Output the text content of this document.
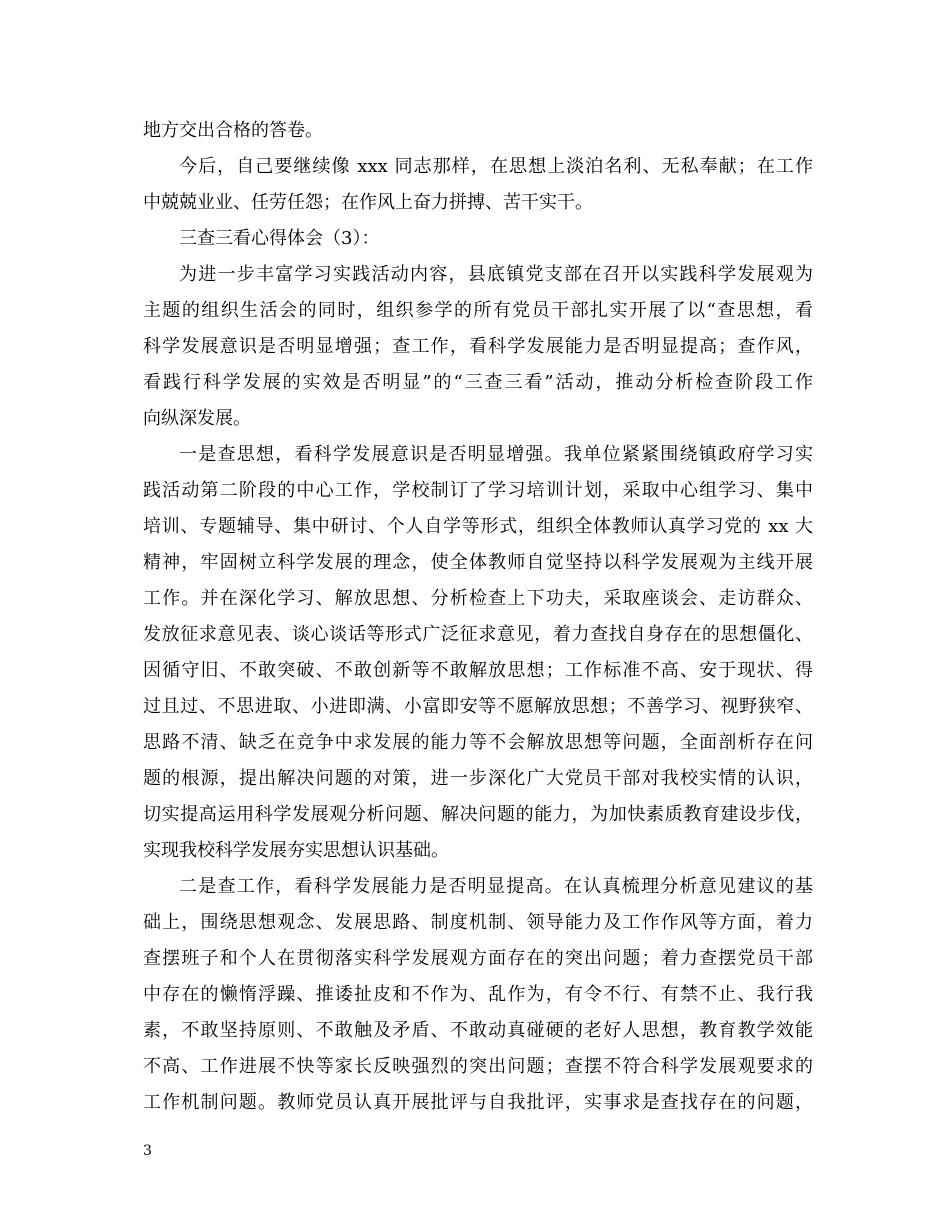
地方交出合格的答卷。
今后，自己要继续像 xxx 同志那样，在思想上淡泊名利、无私奉献；在工作
中兢兢业业、任劳任怨；在作风上奋力拼搏、苦干实干。
三查三看心得体会（3）：
为进一步丰富学习实践活动内容，县底镇党支部在召开以实践科学发展观为
主题的组织生活会的同时，组织参学的所有党员干部扎实开展了以“查思想，看
科学发展意识是否明显增强；查工作，看科学发展能力是否明显提高；查作风，
看践行科学发展的实效是否明显”的“三查三看”活动，推动分析检查阶段工作
向纵深发展。
一是查思想，看科学发展意识是否明显增强。我单位紧紧围绕镇政府学习实
践活动第二阶段的中心工作，学校制订了学习培训计划，采取中心组学习、集中
培训、专题辅导、集中研讨、个人自学等形式，组织全体教师认真学习党的 xx 大
精神，牢固树立科学发展的理念，使全体教师自觉坚持以科学发展观为主线开展
工作。并在深化学习、解放思想、分析检查上下功夫，采取座谈会、走访群众、
发放征求意见表、谈心谈话等形式广泛征求意见，着力查找自身存在的思想僵化、
因循守旧、不敢突破、不敢创新等不敢解放思想；工作标准不高、安于现状、得
过且过、不思进取、小进即满、小富即安等不愿解放思想；不善学习、视野狭窄、
思路不清、缺乏在竞争中求发展的能力等不会解放思想等问题，全面剖析存在问
题的根源，提出解决问题的对策，进一步深化广大党员干部对我校实情的认识，
切实提高运用科学发展观分析问题、解决问题的能力，为加快素质教育建设步伐，
实现我校科学发展夯实思想认识基础。
二是查工作，看科学发展能力是否明显提高。在认真梳理分析意见建议的基
础上，围绕思想观念、发展思路、制度机制、领导能力及工作作风等方面，着力
查摆班子和个人在贯彻落实科学发展观方面存在的突出问题；着力查摆党员干部
中存在的懒惰浮躁、推诿扯皮和不作为、乱作为，有令不行、有禁不止、我行我
素，不敢坚持原则、不敢触及矛盾、不敢动真碰硬的老好人思想，教育教学效能
不高、工作进展不快等家长反映强烈的突出问题；查摆不符合科学发展观要求的
工作机制问题。教师党员认真开展批评与自我批评，实事求是查找存在的问题，
3
